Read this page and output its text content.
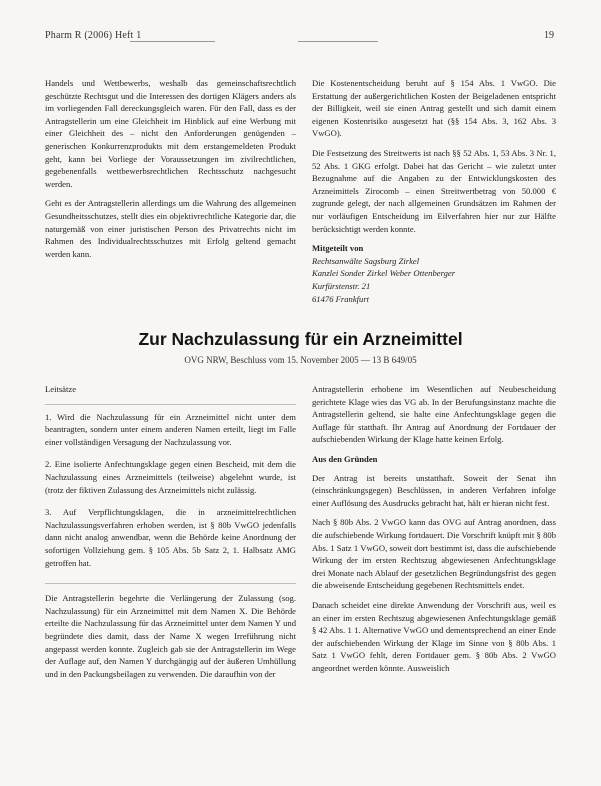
Pharm R (2006) Heft 1	19

Handels und Wettbewerbs, weshalb das gemeinschaftsrechtlich geschützte Rechtsgut und die Interessen des dortigen Klägers anders als im vorliegenden Fall dereckungsgleich waren. Für den Fall, dass es der Antragstellerin um eine Gleichheit im Hinblick auf eine Werbung mit einer Gleichheit des – nicht den Anforderungen genügenden – generischen Konkurrenzprodukts mit dem erstangemeldeten Produkt geht, kann bei Vorliege der Voraussetzungen im zivilrechtlichen, gegebenenfalls wettbewerbsrechtlichen Rechtsschutz nachgesucht werden.

Geht es der Antragstellerin allerdings um die Wahrung des allgemeinen Gesundheitsschutzes, stellt dies ein objektivrechtliche Kategorie dar, die naturgemäß von einer juristischen Person des Privatrechts nicht im Rahmen des Individualrechtsschutzes mit Erfolg geltend gemacht werden kann.

Die Kostenentscheidung beruht auf § 154 Abs. 1 VwGO. Die Erstattung der außergerichtlichen Kosten der Beigeladenen entspricht der Billigkeit, weil sie einen Antrag gestellt und sich damit einem eigenen Kostenrisiko ausgesetzt hat (§§ 154 Abs. 3, 162 Abs. 3 VwGO).

Die Festsetzung des Streitwerts ist nach §§ 52 Abs. 1, 53 Abs. 3 Nr. 1, 52 Abs. 1 GKG erfolgt. Dabei hat das Gericht – wie zuletzt unter Bezugnahme auf die Angaben zu der Entwicklungskosten des Arzneimittels Zirocomb – einen Streitwertbetrag von 50.000 € zugrunde gelegt, der nach allgemeinen Grundsätzen im Rahmen der nur vorläufigen Entscheidung im Eilverfahren hier nur zur Hälfte berücksichtigt werden konnte.

Mitgeteilt von
Rechtsanwälte Sagsburg Zirkel
Kanzlei Sonder Zirkel Weber Ottenberger
Kurfürstenstr. 21
61476 Frankfurt
Zur Nachzulassung für ein Arzneimittel
OVG NRW, Beschluss vom 15. November 2005 — 13 B 649/05
Leitsätze

1. Wird die Nachzulassung für ein Arzneimittel nicht unter dem beantragten, sondern unter einem anderen Namen erteilt, liegt im Falle einer vollständigen Versagung der Nachzulassung vor.

2. Eine isolierte Anfechtungsklage gegen einen Bescheid, mit dem die Nachzulassung eines Arzneimittels (teilweise) abgelehnt wurde, ist (trotz der fiktiven Zulassung des Arzneimittels nicht zulässig.

3. Auf Verpflichtungsklagen, die in arzneimittelrechtlichen Nachzulassungsverfahren erhoben werden, ist § 80b VwGO jedenfalls dann nicht analog anwendbar, wenn die Behörde keine Anordnung der sofortigen Vollziehung gem. § 105 Abs. 5b Satz 2, 1. Halbsatz AMG getroffen hat.

Die Antragstellerin begehrte die Verlängerung der Zulassung (sog. Nachzulassung) für ein Arzneimittel mit dem Namen X. Die Behörde erteilte die Nachzulassung für das Arzneimittel unter dem Namen Y und begründete dies damit, dass der Name X wegen Irreführung nicht angepasst werden konnte. Zugleich gab sie der Antragstellerin im Wege der Auflage auf, den Namen Y durchgängig auf der äußeren Umhüllung und in den Packungsbeilagen zu verwenden. Die daraufhin von der

Antragstellerin erhobene im Wesentlichen auf Neubescheidung gerichtete Klage wies das VG ab. In der Berufungsinstanz machte die Antragstellerin geltend, sie halte eine Anfechtungsklage gegen die Auflage für statthaft. Ihr Antrag auf Anordnung der Fortdauer der aufschiebenden Wirkung der Klage hatte keinen Erfolg.

Aus den Gründen

Der Antrag ist bereits unstatthaft. Soweit der Senat ihn (einschränkungsgegen) Beschlüssen, in anderen Verfahren infolge einer Auflösung des Ausdrucks gebracht hat, hält er hieran nicht fest.

Nach § 80b Abs. 2 VwGO kann das OVG auf Antrag anordnen, dass die aufschiebende Wirkung fortdauert. Die Vorschrift knüpft mit § 80b Abs. 1 Satz 1 VwGO, soweit dort bestimmt ist, dass die aufschiebende Wirkung der im ersten Rechtszug abgewiesenen Anfechtungsklage drei Monate nach Ablauf der gesetzlichen Begründungsfrist des gegen die abweisende Entscheidung gegebenen Rechtsmittels endet.

Danach scheidet eine direkte Anwendung der Vorschrift aus, weil es an einer im ersten Rechtszug abgewiesenen Anfechtungsklage gemäß § 42 Abs. 1 1. Alternative VwGO und dementsprechend an einer Ende der aufschiebenden Wirkung der Klage im Sinne von § 80b Abs. 1 Satz 1 VwGO fehlt, deren Fortdauer gem. § 80b Abs. 2 VwGO angeordnet werden könnte. Ausweislich
